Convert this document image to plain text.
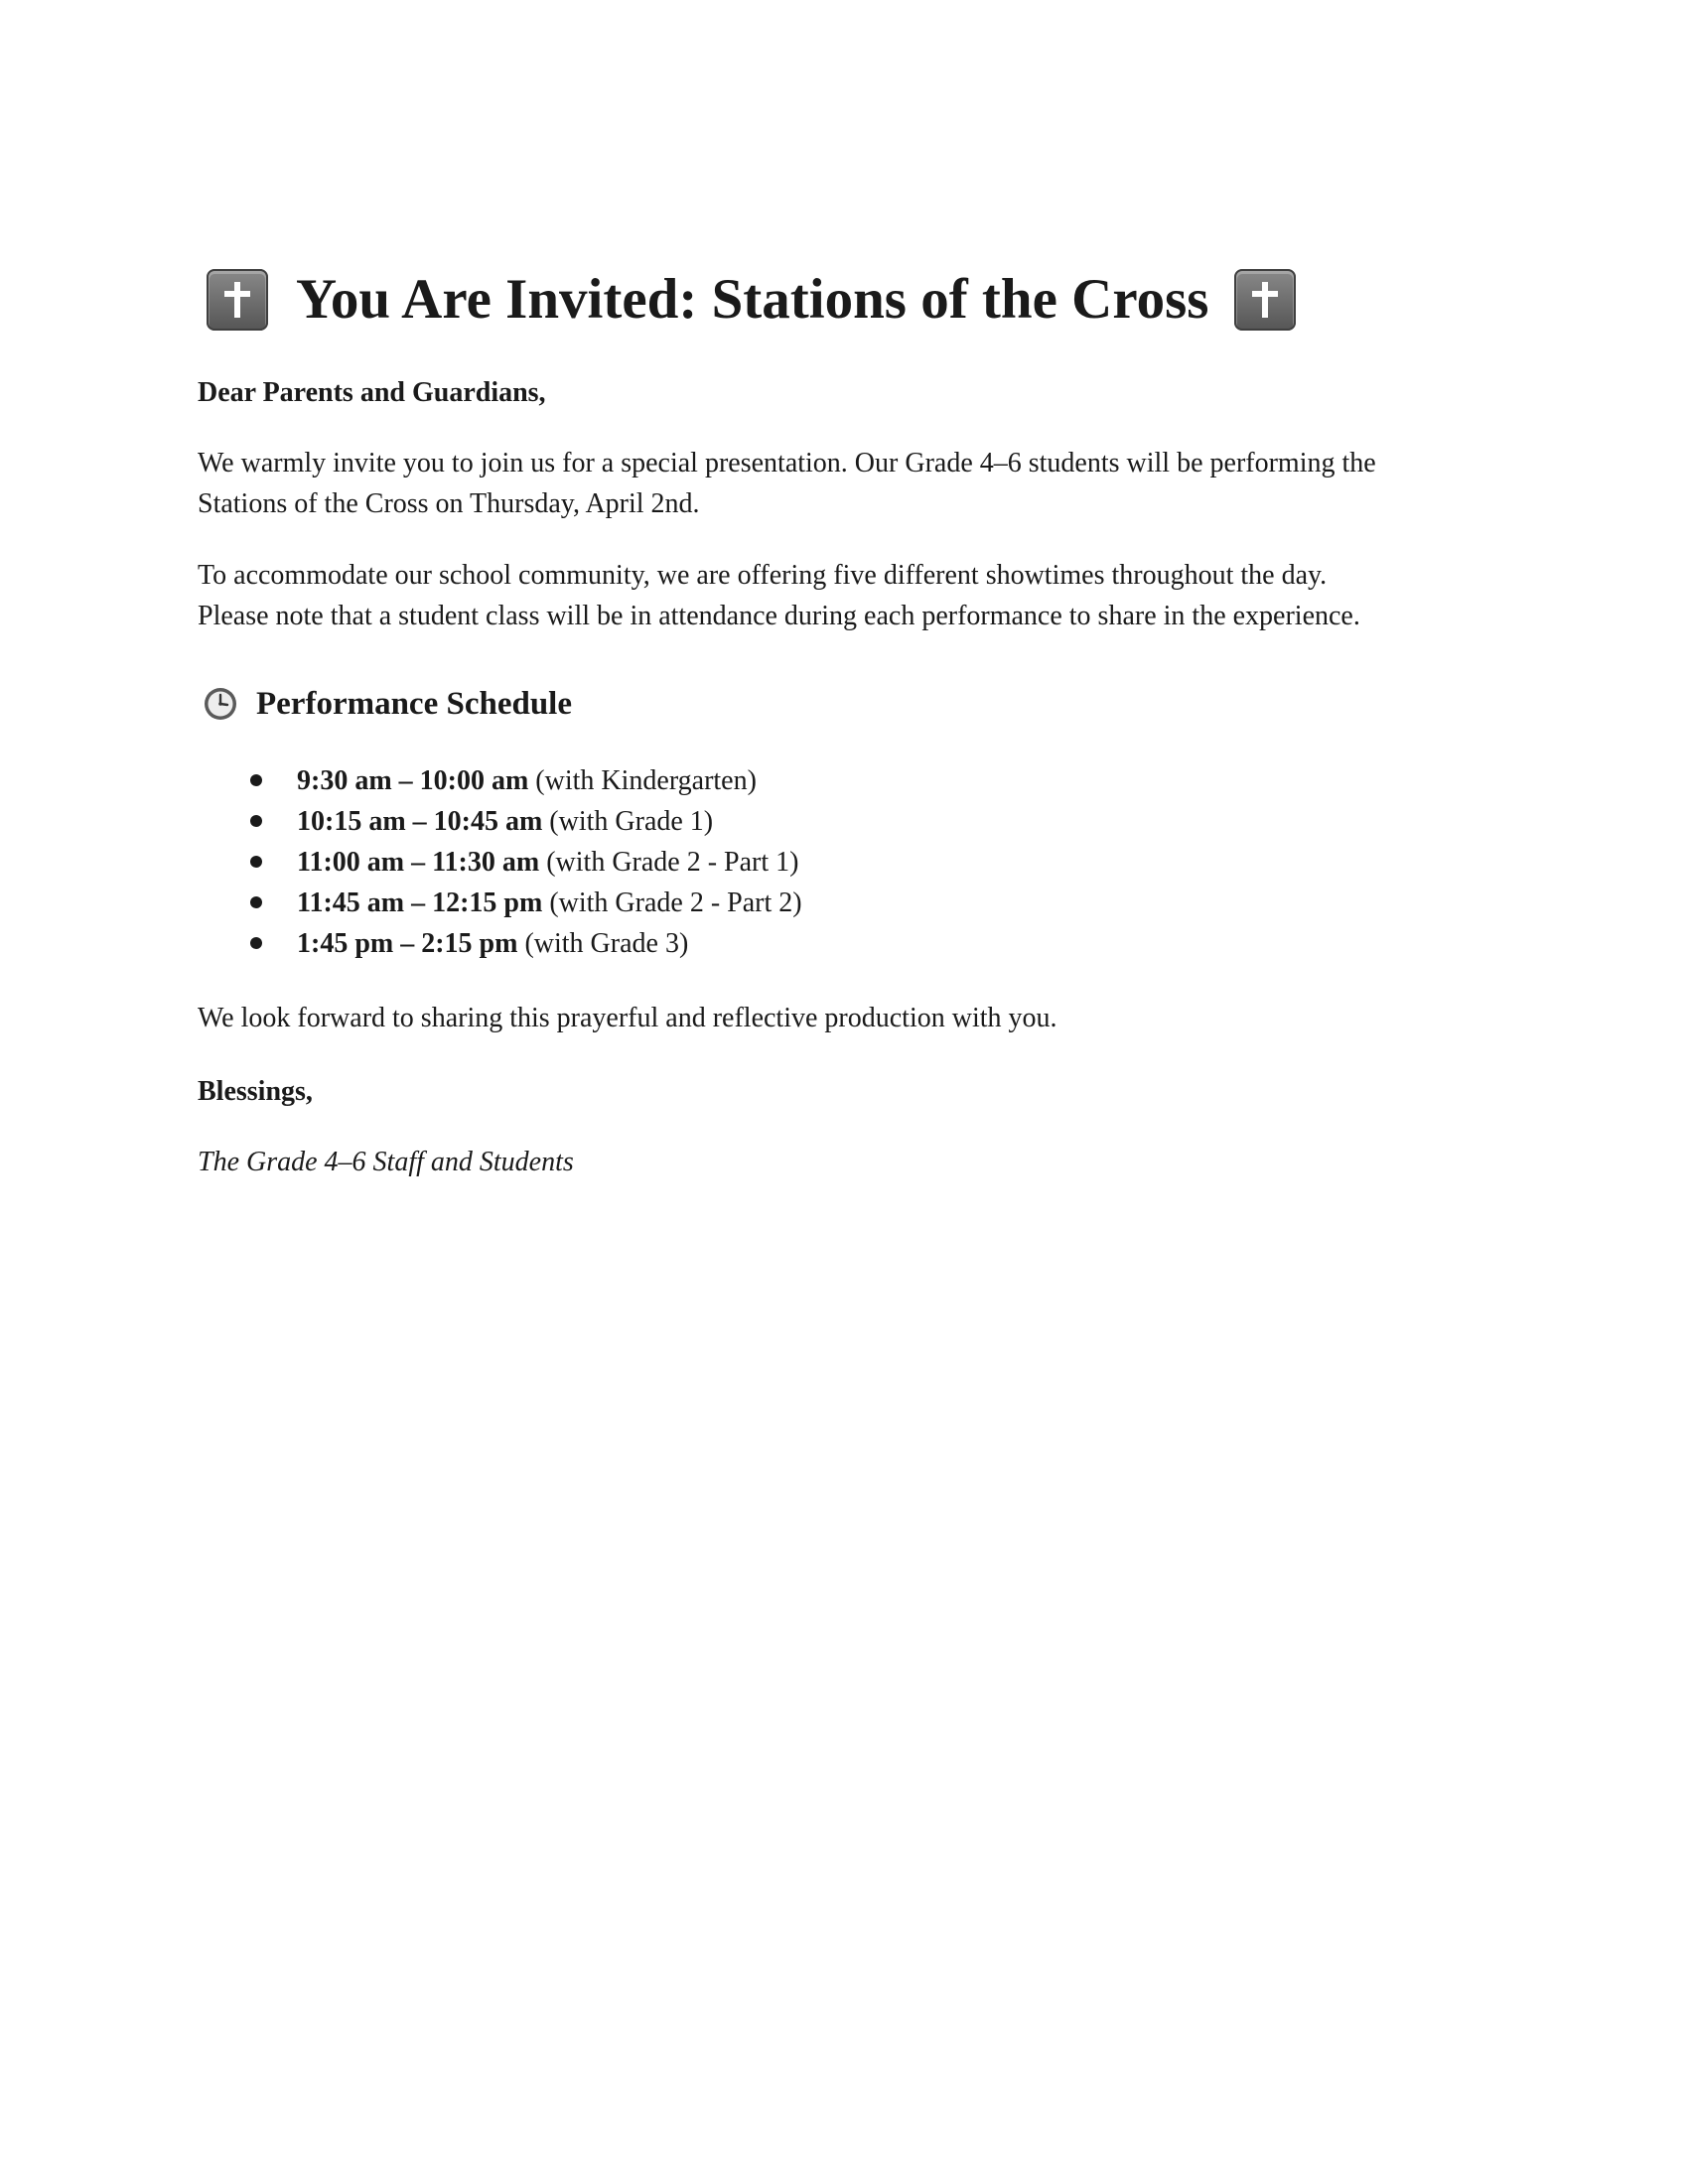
You Are Invited: Stations of the Cross

Dear Parents and Guardians,

We warmly invite you to join us for a special presentation. Our Grade 4–6 students will be performing the

Stations of the Cross on Thursday, April 2nd.

To accommodate our school community, we are offering five different showtimes throughout the day.

Please note that a student class will be in attendance during each performance to share in the experience.

Performance Schedule
9:30 am – 10:00 am (with Kindergarten)
10:15 am – 10:45 am (with Grade 1)
11:00 am – 11:30 am (with Grade 2 - Part 1)
11:45 am – 12:15 pm (with Grade 2 - Part 2)
1:45 pm – 2:15 pm (with Grade 3)

We look forward to sharing this prayerful and reflective production with you.

Blessings,

The Grade 4–6 Staff and Students
